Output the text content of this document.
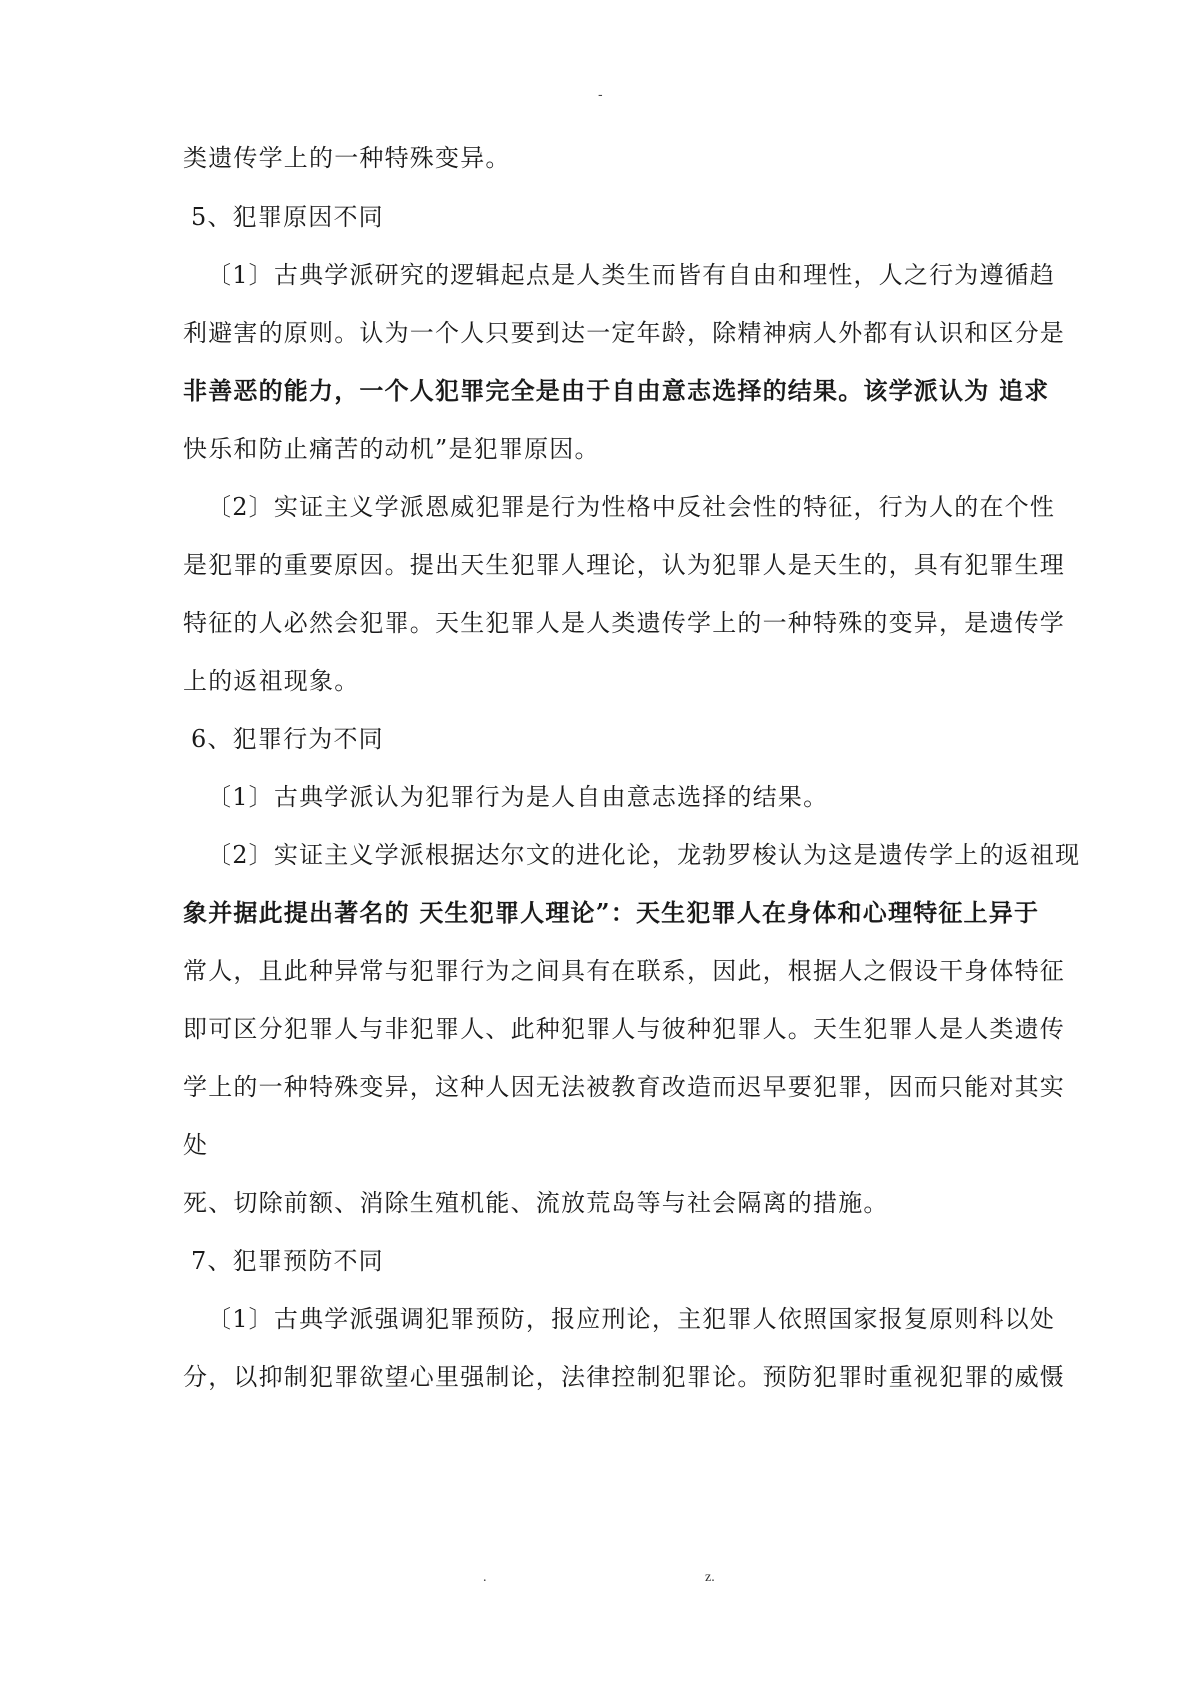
-
类遗传学上的一种特殊变异。
5、犯罪原因不同
〔1〕古典学派研究的逻辑起点是人类生而皆有自由和理性，人之行为遵循趋
利避害的原则。认为一个人只要到达一定年龄，除精神病人外都有认识和区分是
非善恶的能力，一个人犯罪完全是由于自由意志选择的结果。该学派认为 追求
快乐和防止痛苦的动机”是犯罪原因。
〔2〕实证主义学派恩威犯罪是行为性格中反社会性的特征，行为人的在个性
是犯罪的重要原因。提出天生犯罪人理论，认为犯罪人是天生的，具有犯罪生理
特征的人必然会犯罪。天生犯罪人是人类遗传学上的一种特殊的变异，是遗传学
上的返祖现象。
6、犯罪行为不同
〔1〕古典学派认为犯罪行为是人自由意志选择的结果。
〔2〕实证主义学派根据达尔文的进化论，龙勃罗梭认为这是遗传学上的返祖现
象并据此提出著名的 天生犯罪人理论”：天生犯罪人在身体和心理特征上异于
常人，且此种异常与犯罪行为之间具有在联系，因此，根据人之假设干身体特征
即可区分犯罪人与非犯罪人、此种犯罪人与彼种犯罪人。天生犯罪人是人类遗传
学上的一种特殊变异，这种人因无法被教育改造而迟早要犯罪，因而只能对其实
处
死、切除前额、消除生殖机能、流放荒岛等与社会隔离的措施。
7、犯罪预防不同
〔1〕古典学派强调犯罪预防，报应刑论，主犯罪人依照国家报复原则科以处
分，以抑制犯罪欲望心里强制论，法律控制犯罪论。预防犯罪时重视犯罪的威慑
.	z.
